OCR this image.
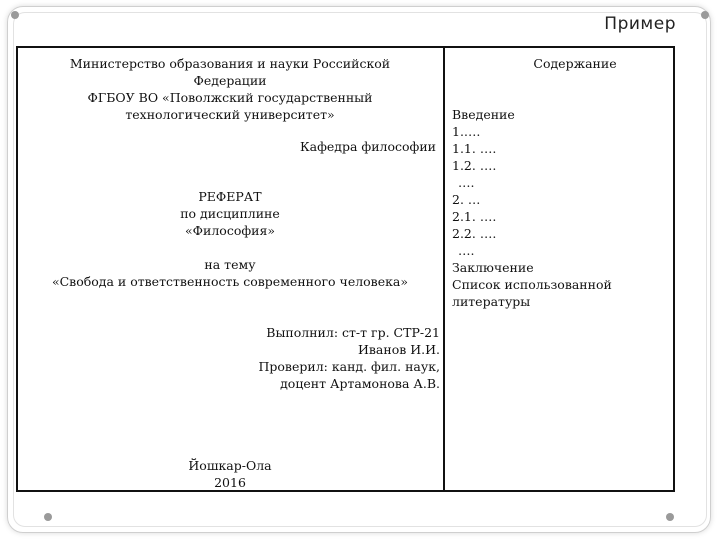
Пример
Министерство образования и науки Российской
Федерации
ФГБОУ ВО «Поволжский государственный
технологический университет»
Кафедра философии
РЕФЕРАТ
по дисциплине
«Философия»
на тему
«Свобода и ответственность современного человека»
Выполнил: ст-т гр. СТР-21
Иванов И.И.
Проверил: канд. фил. наук,
доцент Артамонова А.В.
Йошкар-Ола
2016
Содержание
Введение
1.….
1.1. ….
1.2. ….
….
2. …
2.1. ….
2.2. ….
….
Заключение
Список использованной
литературы
